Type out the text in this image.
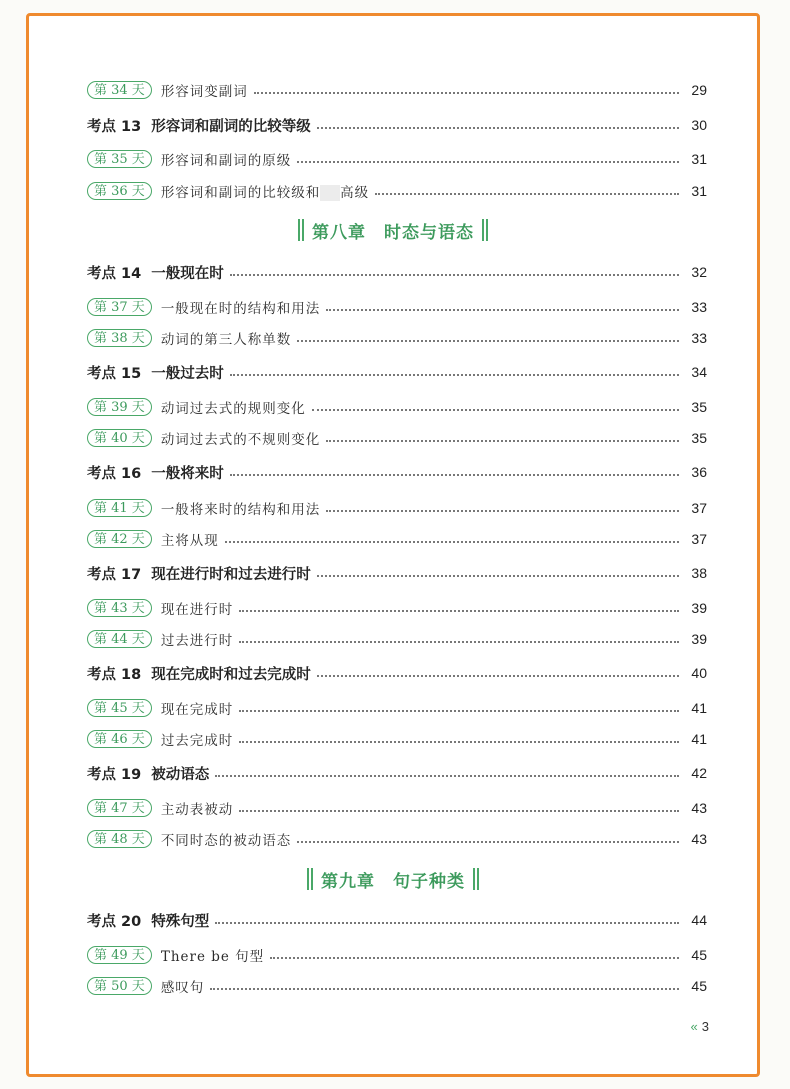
第 34 天	形容词变副词	29
考点 13 形容词和副词的比较等级	30
第 35 天	形容词和副词的原级	31
第 36 天	形容词和副词的比较级和 “” 高级	31
第八章　时态与语态
考点 14 一般现在时	32
第 37 天	一般现在时的结构和用法	33
第 38 天	动词的第三人称单数	33
考点 15 一般过去时	34
第 39 天	动词过去式的规则变化	35
第 40 天	动词过去式的不规则变化	35
考点 16 一般将来时	36
第 41 天	一般将来时的结构和用法	37
第 42 天	主将从现	37
考点 17 现在进行时和过去进行时	38
第 43 天	现在进行时	39
第 44 天	过去进行时	39
考点 18 现在完成时和过去完成时	40
第 45 天	现在完成时	41
第 46 天	过去完成时	41
考点 19 被动语态	42
第 47 天	主动表被动	43
第 48 天	不同时态的被动语态	43
第九章　句子种类
考点 20 特殊句型	44
第 49 天	There be 句型	45
第 50 天	感叹句	45
« 3
